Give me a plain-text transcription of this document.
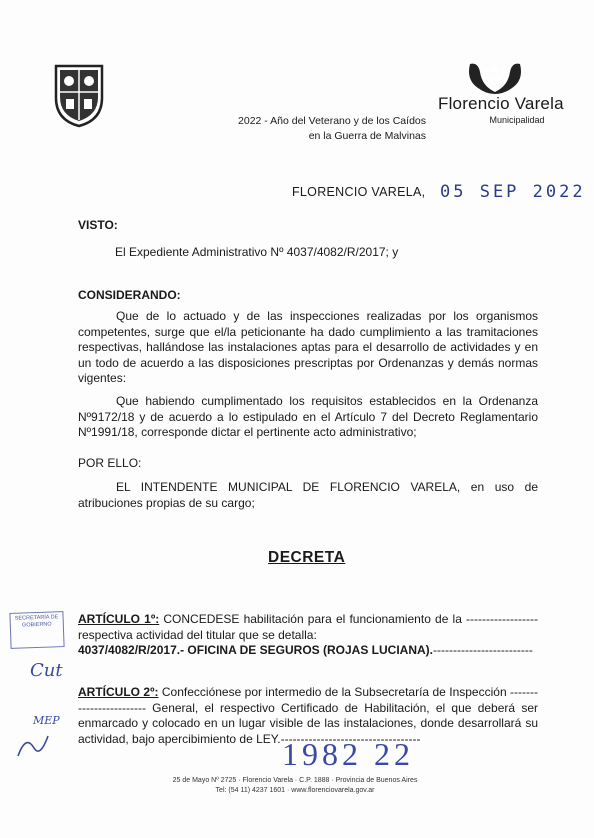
Florencio Varela
Municipalidad
2022 - Año del Veterano y de los Caídos
en la Guerra de Malvinas
FLORENCIO VARELA, 05 SEP 2022
VISTO:
El Expediente Administrativo Nº 4037/4082/R/2017; y
CONSIDERANDO:
Que de lo actuado y de las inspecciones realizadas por los organismos competentes, surge que el/la peticionante ha dado cumplimiento a las tramitaciones respectivas, hallándose las instalaciones aptas para el desarrollo de actividades y en un todo de acuerdo a las disposiciones prescriptas por Ordenanzas y demás normas vigentes:
Que habiendo cumplimentado los requisitos establecidos en la Ordenanza Nº9172/18 y de acuerdo a lo estipulado en el Artículo 7 del Decreto Reglamentario Nº1991/18, corresponde dictar el pertinente acto administrativo;
POR ELLO:
EL INTENDENTE MUNICIPAL DE FLORENCIO VARELA, en uso de atribuciones propias de su cargo;
DECRETA
SECRETARÍA DE GOBIERNO
Cut
MEP
ARTÍCULO 1º: CONCEDESE habilitación para el funcionamiento de la ------------------ respectiva actividad del titular que se detalla:
4037/4082/R/2017.- OFICINA DE SEGUROS (ROJAS LUCIANA).-------------------------
ARTÍCULO 2º: Confecciónese por intermedio de la Subsecretaría de Inspección ------------------------ General, el respectivo Certificado de Habilitación, el que deberá ser enmarcado y colocado en un lugar visible de las instalaciones, donde desarrollará su actividad, bajo apercibimiento de LEY.-----------------------------------
1982 22
25 de Mayo Nº 2725 · Florencio Varela · C.P. 1888 · Provincia de Buenos Aires
Tel: (54 11) 4237 1601 · www.florenciovarela.gov.ar
